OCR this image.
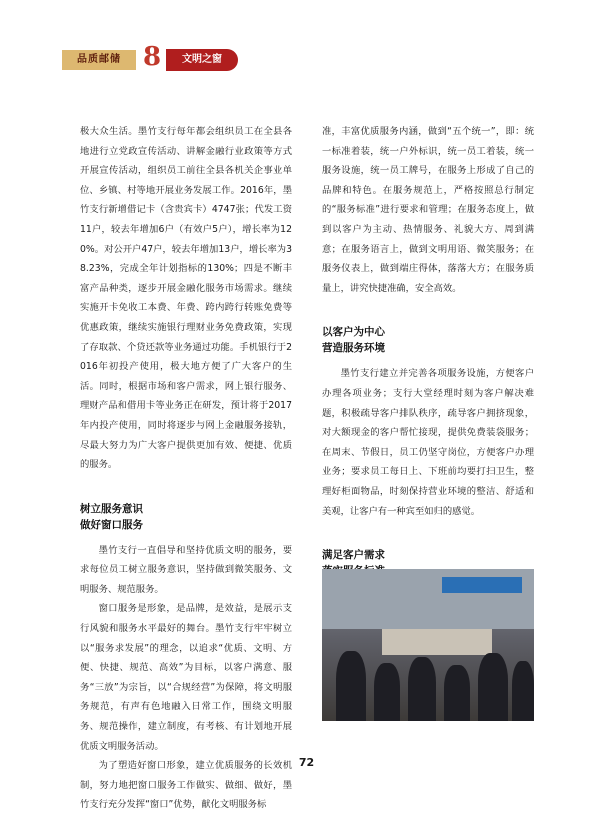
品质邮储 8	文明之窗

极大众生活。墨竹支行每年都会组织员工在全县各地进行立党政宣传活动、讲解金融行业政策等方式开展宣传活动，组织员工前往全县各机关企事业单位、乡镇、村等地开展业务发展工作。2016年，墨竹支行新增借记卡（含贵宾卡）4747张；代发工资11户，较去年增加6户（有效户5户），增长率为120%。对公开户47户，较去年增加13户，增长率为38.23%，完成全年计划指标的130%；四是不断丰富产品种类，逐步开展金融化服务市场需求。继续实施开卡免收工本费、年费、跨内跨行转账免费等优惠政策，继续实施银行理财业务免费政策，实现了存取款、个贷还款等业务通过功能。手机银行于2016年初投产使用，极大地方便了广大客户的生活。同时，根据市场和客户需求，网上银行服务、理财产品和借用卡等业务正在研发，预计将于2017年内投产使用，同时将逐步与网上金融服务接轨，尽最大努力为广大客户提供更加有效、便捷、优质的服务。

树立服务意识
做好窗口服务

墨竹支行一直倡导和坚持优质文明的服务，要求每位员工树立服务意识，坚持做到微笑服务、文明服务、规范服务。

窗口服务是形象，是品牌，是效益，是展示支行风貌和服务水平最好的舞台。墨竹支行牢牢树立以“服务求发展”的理念，以追求“优质、文明、方便、快捷、规范、高效”为目标，以客户满意、服务“三放”为宗旨，以“合规经营”为保障，将文明服务规范，有声有色地融入日常工作，围绕文明服务、规范操作，建立制度，有考核、有计划地开展优质文明服务活动。

为了塑造好窗口形象，建立优质服务的长效机制，努力地把窗口服务工作做实、做细、做好，墨竹支行充分发挥“窗口”优势，献化文明服务标

准，丰富优质服务内涵，做到“五个统一”，即：统一标准着装，统一户外标识，统一员工着装，统一服务设施，统一员工牌号，在服务上形成了自己的品牌和特色。在服务规范上，严格按照总行制定的“服务标准”进行要求和管理；在服务态度上，做到以客户为主动、热情服务、礼貌大方、周到满意；在服务语言上，做到文明用语、微笑服务；在服务仪表上，做到端庄得体，落落大方；在服务质量上，讲究快捷准确，安全高效。

以客户为中心
营造服务环境

墨竹支行建立并完善各项服务设施，方便客户办理各项业务；支行大堂经理时刻为客户解决难题，积极疏导客户排队秩序，疏导客户拥挤现象，对大额现金的客户帮忙接现，提供免费装袋服务；在周末、节假日，员工仍坚守岗位，方便客户办理业务；要求员工每日上、下班前均要打扫卫生，整理好柜面物品，时刻保持营业环境的整洁、舒适和美观，让客户有一种宾至如归的感觉。

满足客户需求

72
